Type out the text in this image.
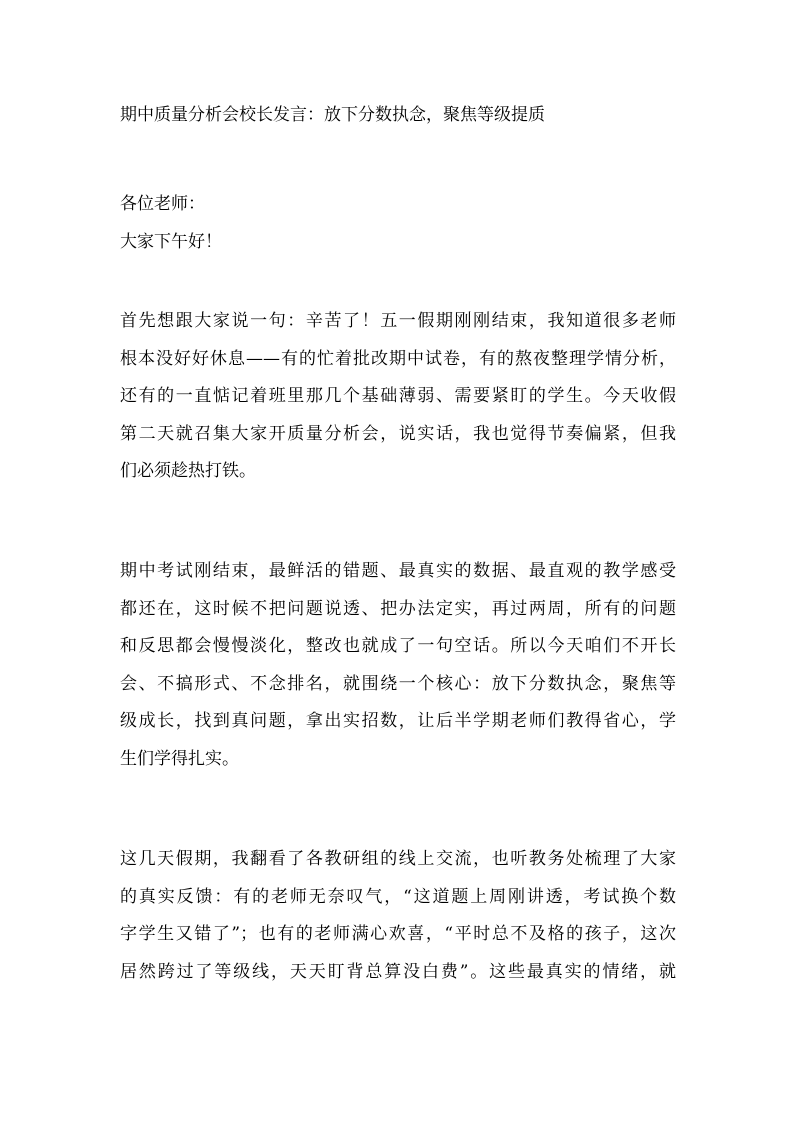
期中质量分析会校长发言：放下分数执念，聚焦等级提质
各位老师：
大家下午好！
首先想跟大家说一句：辛苦了！五一假期刚刚结束，我知道很多老师
根本没好好休息——有的忙着批改期中试卷，有的熬夜整理学情分析，
还有的一直惦记着班里那几个基础薄弱、需要紧盯的学生。今天收假
第二天就召集大家开质量分析会，说实话，我也觉得节奏偏紧，但我
们必须趁热打铁。
期中考试刚结束，最鲜活的错题、最真实的数据、最直观的教学感受
都还在，这时候不把问题说透、把办法定实，再过两周，所有的问题
和反思都会慢慢淡化，整改也就成了一句空话。所以今天咱们不开长
会、不搞形式、不念排名，就围绕一个核心：放下分数执念，聚焦等
级成长，找到真问题，拿出实招数，让后半学期老师们教得省心，学
生们学得扎实。
这几天假期，我翻看了各教研组的线上交流，也听教务处梳理了大家
的真实反馈：有的老师无奈叹气，“这道题上周刚讲透，考试换个数
字学生又错了”；也有的老师满心欢喜，“平时总不及格的孩子，这次
居然跨过了等级线，天天盯背总算没白费”。这些最真实的情绪，就
